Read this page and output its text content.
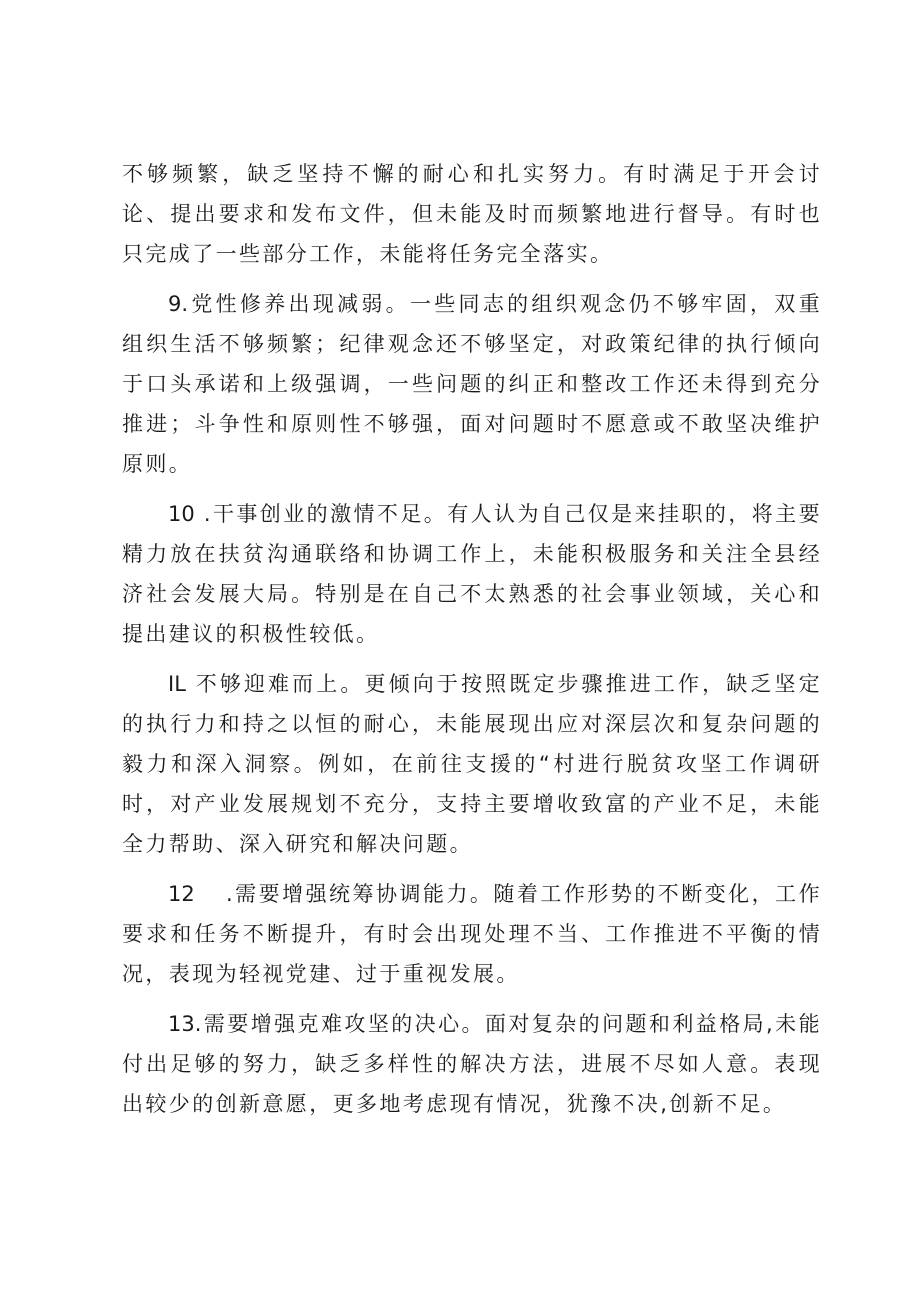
不够频繁，缺乏坚持不懈的耐心和扎实努力。有时满足于开会讨论、提出要求和发布文件，但未能及时而频繁地进行督导。有时也只完成了一些部分工作，未能将任务完全落实。

9.党性修养出现减弱。一些同志的组织观念仍不够牢固，双重组织生活不够频繁；纪律观念还不够坚定，对政策纪律的执行倾向于口头承诺和上级强调，一些问题的纠正和整改工作还未得到充分推进；斗争性和原则性不够强，面对问题时不愿意或不敢坚决维护原则。

10 .干事创业的激情不足。有人认为自己仅是来挂职的，将主要精力放在扶贫沟通联络和协调工作上，未能积极服务和关注全县经济社会发展大局。特别是在自己不太熟悉的社会事业领域，关心和提出建议的积极性较低。

IL 不够迎难而上。更倾向于按照既定步骤推进工作，缺乏坚定的执行力和持之以恒的耐心，未能展现出应对深层次和复杂问题的毅力和深入洞察。例如，在前往支援的“村进行脱贫攻坚工作调研时，对产业发展规划不充分，支持主要增收致富的产业不足，未能全力帮助、深入研究和解决问题。

12 .需要增强统筹协调能力。随着工作形势的不断变化，工作要求和任务不断提升，有时会出现处理不当、工作推进不平衡的情况，表现为轻视党建、过于重视发展。

13.需要增强克难攻坚的决心。面对复杂的问题和利益格局,未能付出足够的努力，缺乏多样性的解决方法，进展不尽如人意。表现出较少的创新意愿，更多地考虑现有情况，犹豫不决,创新不足。
